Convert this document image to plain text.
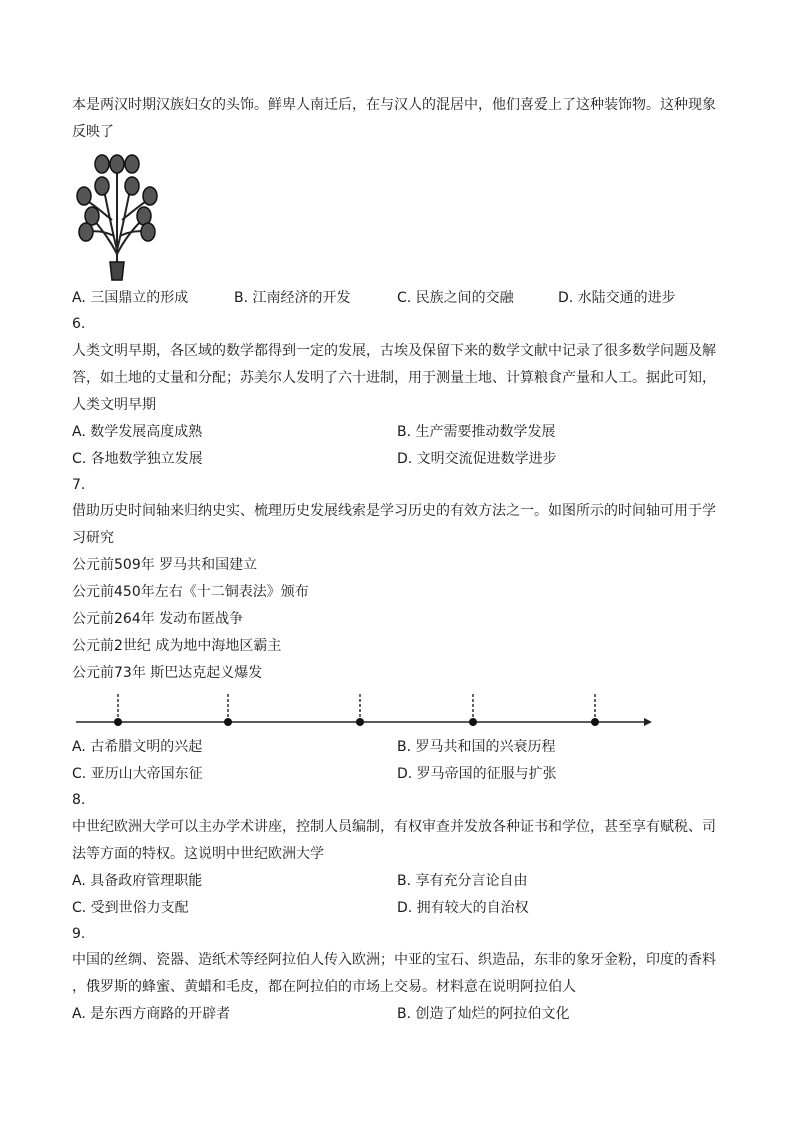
本是两汉时期汉族妇女的头饰。鲜卑人南迁后，在与汉人的混居中，他们喜爱上了这种装饰物。这种现象
反映了
A. 三国鼎立的形成	B. 江南经济的开发	C. 民族之间的交融	D. 水陆交通的进步
6.
人类文明早期，各区域的数学都得到一定的发展，古埃及保留下来的数学文献中记录了很多数学问题及解
答，如土地的丈量和分配；苏美尔人发明了六十进制，用于测量土地、计算粮食产量和人工。据此可知，
人类文明早期
A. 数学发展高度成熟	B. 生产需要推动数学发展
C. 各地数学独立发展	D. 文明交流促进数学进步
7.
借助历史时间轴来归纳史实、梳理历史发展线索是学习历史的有效方法之一。如图所示的时间轴可用于学
习研究
公元前509年 罗马共和国建立
公元前450年左右《十二铜表法》颁布
公元前264年 发动布匿战争
公元前2世纪 成为地中海地区霸主
公元前73年 斯巴达克起义爆发
A. 古希腊文明的兴起	B. 罗马共和国的兴衰历程
C. 亚历山大帝国东征	D. 罗马帝国的征服与扩张
8.
中世纪欧洲大学可以主办学术讲座，控制人员编制，有权审查并发放各种证书和学位，甚至享有赋税、司
法等方面的特权。这说明中世纪欧洲大学
A. 具备政府管理职能	B. 享有充分言论自由
C. 受到世俗力支配	D. 拥有较大的自治权
9.
中国的丝绸、瓷器、造纸术等经阿拉伯人传入欧洲；中亚的宝石、织造品，东非的象牙金粉，印度的香料
，俄罗斯的蜂蜜、黄蜡和毛皮，都在阿拉伯的市场上交易。材料意在说明阿拉伯人
A. 是东西方商路的开辟者	B. 创造了灿烂的阿拉伯文化
